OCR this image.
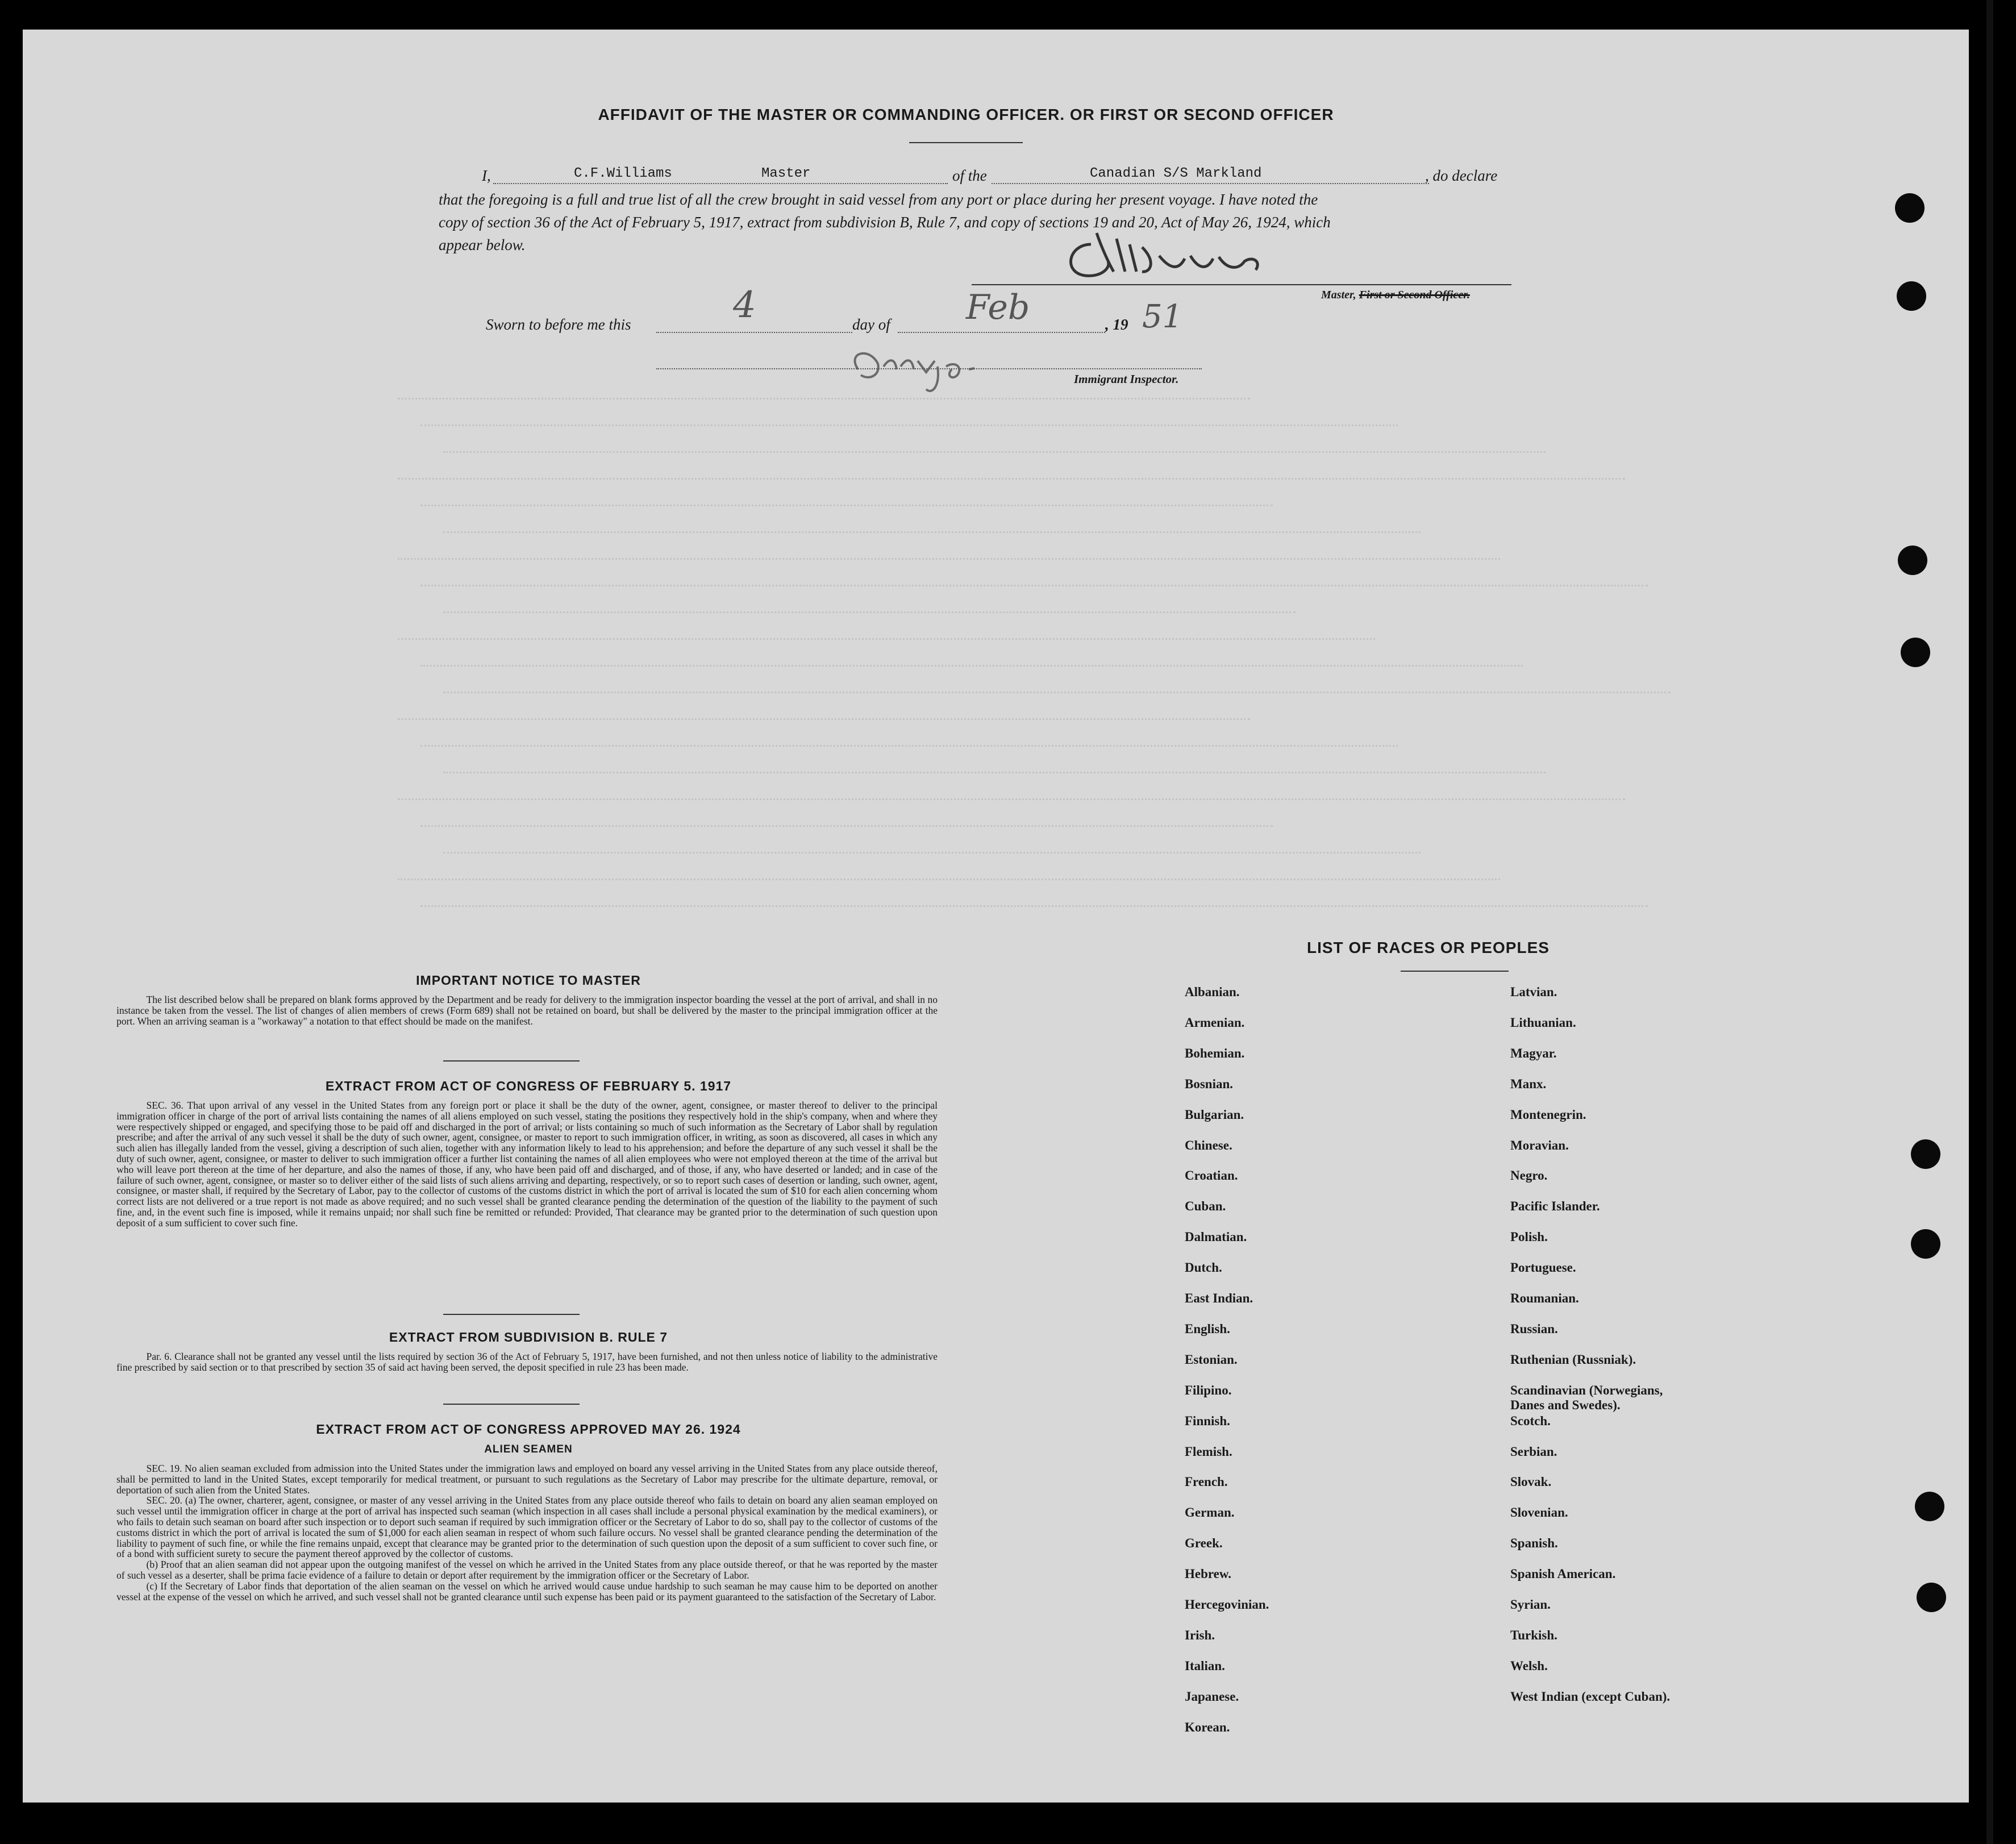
AFFIDAVIT OF THE MASTER OR COMMANDING OFFICER. OR FIRST OR SECOND OFFICER
I,	C.F.Williams	Master	of the	Canadian S/S Markland	, do declare
that the foregoing is a full and true list of all the crew brought in said vessel from any port or place during her present voyage. I have noted the
copy of section 36 of the Act of February 5, 1917, extract from subdivision B, Rule 7, and copy of sections 19 and 20, Act of May 26, 1924, which
appear below.
Master, First or Second Officer.
Sworn to before me this	4	day of Feb	, 19 51
Immigrant Inspector.
IMPORTANT NOTICE TO MASTER
The list described below shall be prepared on blank forms approved by the Department and be ready for delivery to the immigration inspector boarding the vessel at the port of arrival, and shall in no instance be taken from the vessel. The list of changes of alien members of crews (Form 689) shall not be retained on board, but shall be delivered by the master to the principal immigration officer at the port. When an arriving seaman is a "workaway" a notation to that effect should be made on the manifest.
EXTRACT FROM ACT OF CONGRESS OF FEBRUARY 5. 1917
SEC. 36. That upon arrival of any vessel in the United States from any foreign port or place it shall be the duty of the owner, agent, consignee, or master thereof to deliver to the principal immigration officer in charge of the port of arrival lists containing the names of all aliens employed on such vessel, stating the positions they respectively hold in the ship's company, when and where they were respectively shipped or engaged, and specifying those to be paid off and discharged in the port of arrival; or lists containing so much of such information as the Secretary of Labor shall by regulation prescribe; and after the arrival of any such vessel it shall be the duty of such owner, agent, consignee, or master to report to such immigration officer, in writing, as soon as discovered, all cases in which any such alien has illegally landed from the vessel, giving a description of such alien, together with any information likely to lead to his apprehension; and before the departure of any such vessel it shall be the duty of such owner, agent, consignee, or master to deliver to such immigration officer a further list containing the names of all alien employees who were not employed thereon at the time of the arrival but who will leave port thereon at the time of her departure, and also the names of those, if any, who have been paid off and discharged, and of those, if any, who have deserted or landed; and in case of the failure of such owner, agent, consignee, or master so to deliver either of the said lists of such aliens arriving and departing, respectively, or so to report such cases of desertion or landing, such owner, agent, consignee, or master shall, if required by the Secretary of Labor, pay to the collector of customs of the customs district in which the port of arrival is located the sum of $10 for each alien concerning whom correct lists are not delivered or a true report is not made as above required; and no such vessel shall be granted clearance pending the determination of the question of the liability to the payment of such fine, and, in the event such fine is imposed, while it remains unpaid; nor shall such fine be remitted or refunded: Provided, That clearance may be granted prior to the determination of such question upon deposit of a sum sufficient to cover such fine.
EXTRACT FROM SUBDIVISION B. RULE 7
Par. 6. Clearance shall not be granted any vessel until the lists required by section 36 of the Act of February 5, 1917, have been furnished, and not then unless notice of liability to the administrative fine prescribed by said section or to that prescribed by section 35 of said act having been served, the deposit specified in rule 23 has been made.
EXTRACT FROM ACT OF CONGRESS APPROVED MAY 26. 1924
ALIEN SEAMEN
SEC. 19. No alien seaman excluded from admission into the United States under the immigration laws and employed on board any vessel arriving in the United States from any place outside thereof, shall be permitted to land in the United States, except temporarily for medical treatment, or pursuant to such regulations as the Secretary of Labor may prescribe for the ultimate departure, removal, or deportation of such alien from the United States.
SEC. 20. (a) The owner, charterer, agent, consignee, or master of any vessel arriving in the United States from any place outside thereof who fails to detain on board any alien seaman employed on such vessel until the immigration officer in charge at the port of arrival has inspected such seaman (which inspection in all cases shall include a personal physical examination by the medical examiners), or who fails to detain such seaman on board after such inspection or to deport such seaman if required by such immigration officer or the Secretary of Labor to do so, shall pay to the collector of customs of the customs district in which the port of arrival is located the sum of $1,000 for each alien seaman in respect of whom such failure occurs. No vessel shall be granted clearance pending the determination of the liability to payment of such fine, or while the fine remains unpaid, except that clearance may be granted prior to the determination of such question upon the deposit of a sum sufficient to cover such fine, or of a bond with sufficient surety to secure the payment thereof approved by the collector of customs.
(b) Proof that an alien seaman did not appear upon the outgoing manifest of the vessel on which he arrived in the United States from any place outside thereof, or that he was reported by the master of such vessel as a deserter, shall be prima facie evidence of a failure to detain or deport after requirement by the immigration officer or the Secretary of Labor.
(c) If the Secretary of Labor finds that deportation of the alien seaman on the vessel on which he arrived would cause undue hardship to such seaman he may cause him to be deported on another vessel at the expense of the vessel on which he arrived, and such vessel shall not be granted clearance until such expense has been paid or its payment guaranteed to the satisfaction of the Secretary of Labor.
LIST OF RACES OR PEOPLES
Albanian.
Armenian.
Bohemian.
Bosnian.
Bulgarian.
Chinese.
Croatian.
Cuban.
Dalmatian.
Dutch.
East Indian.
English.
Estonian.
Filipino.
Finnish.
Flemish.
French.
German.
Greek.
Hebrew.
Hercegovinian.
Irish.
Italian.
Japanese.
Korean.
Latvian.
Lithuanian.
Magyar.
Manx.
Montenegrin.
Moravian.
Negro.
Pacific Islander.
Polish.
Portuguese.
Roumanian.
Russian.
Ruthenian (Russniak).
Scandinavian (Norwegians,
Danes and Swedes).
Scotch.
Serbian.
Slovak.
Slovenian.
Spanish.
Spanish American.
Syrian.
Turkish.
Welsh.
West Indian (except Cuban).
